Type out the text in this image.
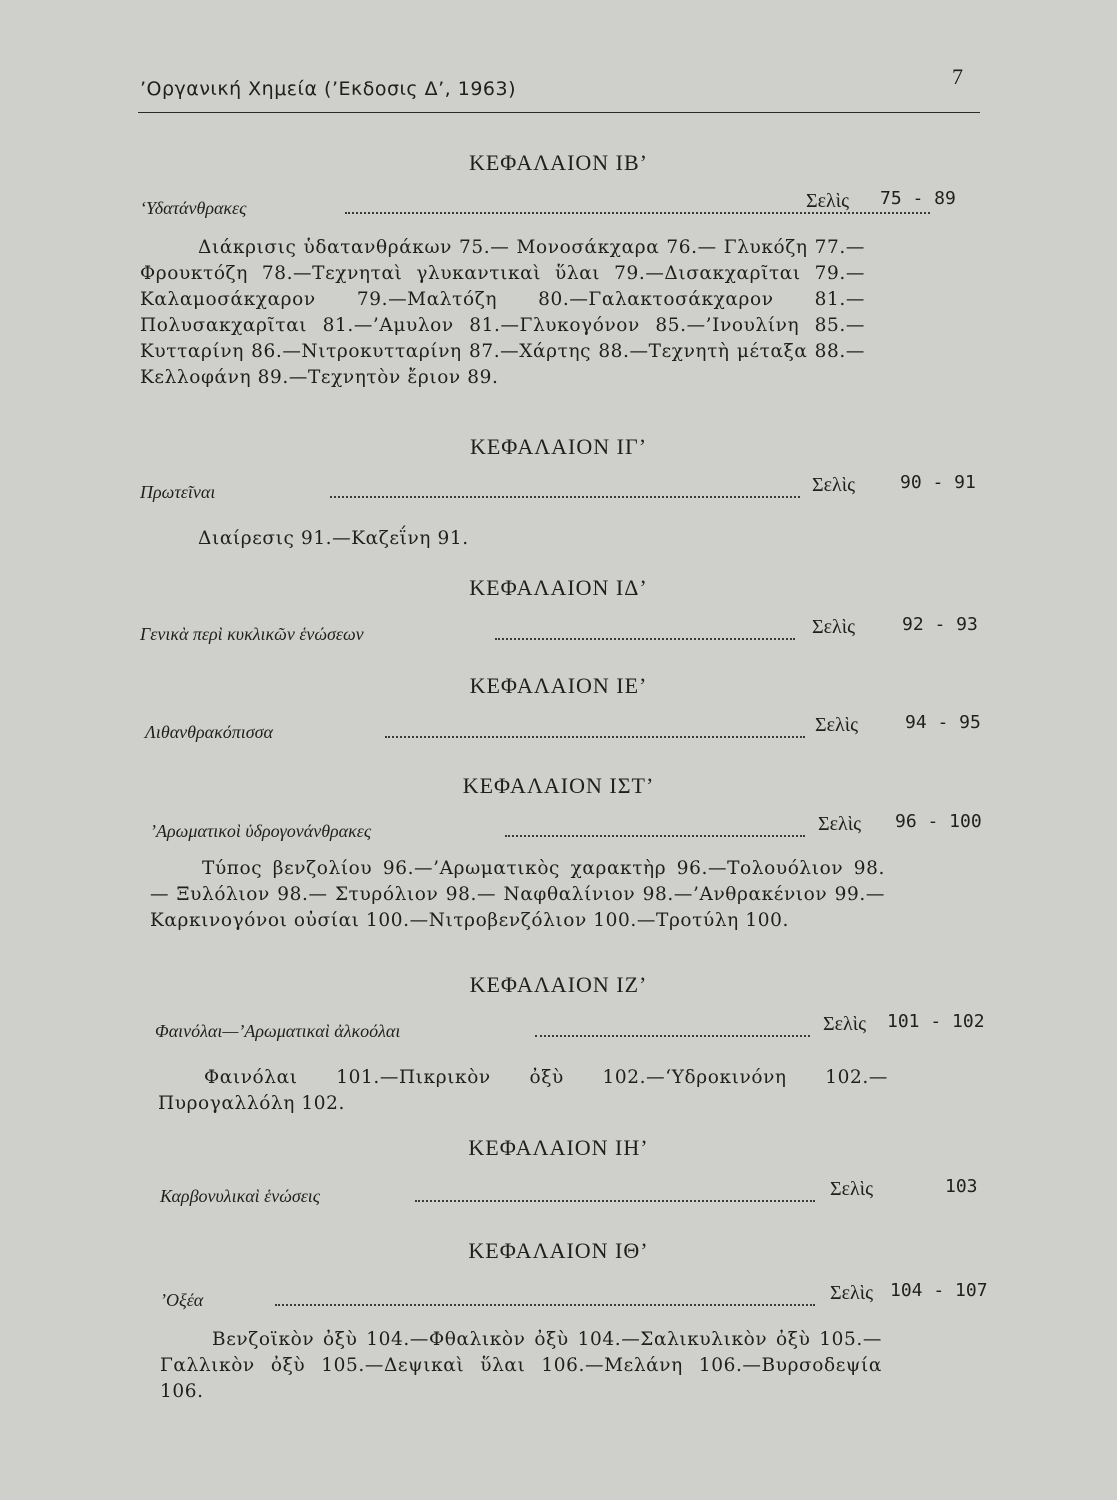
’Οργανική Χημεία (’Εκδοσις Δ’, 1963)	7
ΚΕΦΑΛΑΙΟΝ ΙΒ’
‘Υδατάνθρακες	Σελὶς 75 - 89
Διάκρισις ὑδατανθράκων 75.— Μονοσάκχαρα 76.— Γλυκόζη 77.— Φρουκτόζη 78.—Τεχνηταὶ γλυκαντικαὶ ὕλαι 79.—Δισακχαρῖται 79.— Καλαμοσάκχαρον 79.—Μαλτόζη 80.—Γαλακτοσάκχαρον 81.—Πολυσακχαρῖται 81.—’Αμυλον 81.—Γλυκογόνον 85.—’Ινουλίνη 85.—Κυτταρίνη 86.—Νιτροκυτταρίνη 87.—Χάρτης 88.—Τεχνητὴ μέταξα 88.— Κελλοφάνη 89.—Τεχνητὸν ἔριον 89.
ΚΕΦΑΛΑΙΟΝ ΙΓ’
Πρωτεῖναι	Σελὶς 90 - 91
Διαίρεσις 91.—Καζεΐνη 91.
ΚΕΦΑΛΑΙΟΝ ΙΔ’
Γενικὰ περὶ κυκλικῶν ἑνώσεων	Σελὶς	92 - 93
ΚΕΦΑΛΑΙΟΝ ΙΕ’
Λιθανθρακόπισσα	Σελὶς	94 - 95
ΚΕΦΑΛΑΙΟΝ ΙΣΤ’
’Αρωματικοὶ ὑδρογονάνθρακες	Σελὶς 96 - 100
Τύπος βενζολίου 96.—’Αρωματικὸς χαρακτὴρ 96.—Τολουόλιον 98. — Ξυλόλιον 98.— Στυρόλιον 98.— Ναφθαλίνιον 98.—’Ανθρακένιον 99.—Καρκινογόνοι οὐσίαι 100.—Νιτροβενζόλιον 100.—Τροτύλη 100.
ΚΕΦΑΛΑΙΟΝ ΙΖ’
Φαινόλαι—’Αρωματικαὶ ἀλκοόλαι	Σελὶς 101 - 102
Φαινόλαι 101.—Πικρικὸν ὀξὺ 102.—‘Υδροκινόνη 102.—Πυρογαλλόλη 102.
ΚΕΦΑΛΑΙΟΝ ΙΗ’
Καρβονυλικαὶ ἑνώσεις	Σελὶς	103
ΚΕΦΑΛΑΙΟΝ ΙΘ’
’Οξέα	Σελὶς 104 - 107
Βενζοϊκὸν ὀξὺ 104.—Φθαλικὸν ὀξὺ 104.—Σαλικυλικὸν ὀξὺ 105.— Γαλλικὸν ὀξὺ 105.—Δεψικαὶ ὕλαι 106.—Μελάνη 106.—Βυρσοδεψία 106.
